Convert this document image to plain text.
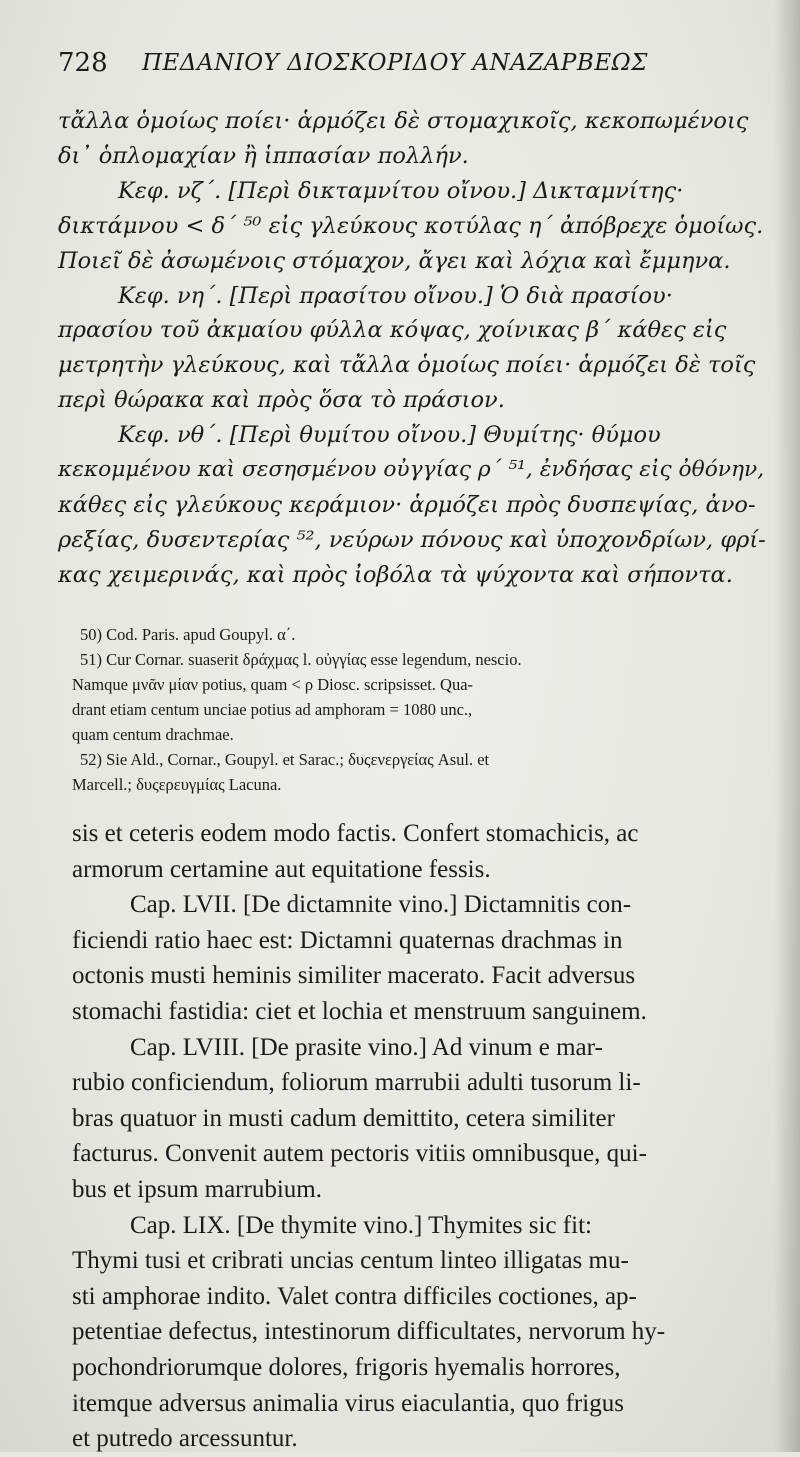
728 ΠΕΔΑΝΙΟΥ ΔΙΟΣΚΟΡΙΔΟΥ ΑΝΑΖΑΡΒΕΩΣ
τἄλλα ὁμοίως ποίει· ἁρμόζει δὲ στομαχικοῖς, κεκοπωμένοις
δι᾿ ὁπλομαχίαν ἢ ἱππασίαν πολλήν.
Κεφ. νζ΄. [Περὶ δικταμνίτου οἴνου.] Δικταμνίτης·
δικτάμνου < δ΄ ⁵⁰ εἰς γλεύκους κοτύλας η΄ ἀπόβρεχε ὁμοίως.
Ποιεῖ δὲ ἀσωμένοις στόμαχον, ἄγει καὶ λόχια καὶ ἔμμηνα.
Κεφ. νη΄. [Περὶ πρασίτου οἴνου.] Ὁ διὰ πρασίου·
πρασίου τοῦ ἀκμαίου φύλλα κόψας, χοίνικας β΄ κάθες εἰς
μετρητὴν γλεύκους, καὶ τἄλλα ὁμοίως ποίει· ἁρμόζει δὲ τοῖς
περὶ θώρακα καὶ πρὸς ὅσα τὸ πράσιον.
Κεφ. νθ΄. [Περὶ θυμίτου οἴνου.] Θυμίτης· θύμου
κεκομμένου καὶ σεσησμένου οὐγγίας ρ΄ ⁵¹, ἐνδήσας εἰς ὀθόνην,
κάθες εἰς γλεύκους κεράμιον· ἁρμόζει πρὸς δυσπεψίας, ἀνο-
ρεξίας, δυσεντερίας ⁵², νεύρων πόνους καὶ ὑποχονδρίων, φρί-
κας χειμερινάς, καὶ πρὸς ἰοβόλα τὰ ψύχοντα καὶ σήποντα.
50) Cod. Paris. apud Goupyl. α΄.
51) Cur Cornar. suaserit δράχμας l. οὐγγίας esse legendum, nescio.
Namque μνᾶν μίαν potius, quam < ρ Diosc. scripsisset. Qua-
drant etiam centum unciae potius ad amphoram = 1080 unc.,
quam centum drachmae.
52) Sie Ald., Cornar., Goupyl. et Sarac.; δυςενεργείας Asul. et
Marcell.; δυςερευγμίας Lacuna.
sis et ceteris eodem modo factis. Confert stomachicis, ac
armorum certamine aut equitatione fessis.
Cap. LVII. [De dictamnite vino.] Dictamnitis con-
ficiendi ratio haec est: Dictamni quaternas drachmas in
octonis musti heminis similiter macerato. Facit adversus
stomachi fastidia: ciet et lochia et menstruum sanguinem.
Cap. LVIII. [De prasite vino.] Ad vinum e mar-
rubio conficiendum, foliorum marrubii adulti tusorum li-
bras quatuor in musti cadum demittito, cetera similiter
facturus. Convenit autem pectoris vitiis omnibusque, qui-
bus et ipsum marrubium.
Cap. LIX. [De thymite vino.] Thymites sic fit:
Thymi tusi et cribrati uncias centum linteo illigatas mu-
sti amphorae indito. Valet contra difficiles coctiones, ap-
petentiae defectus, intestinorum difficultates, nervorum hy-
pochondriorumque dolores, frigoris hyemalis horrores,
itemque adversus animalia virus eiaculantia, quo frigus
et putredo arcessuntur.
